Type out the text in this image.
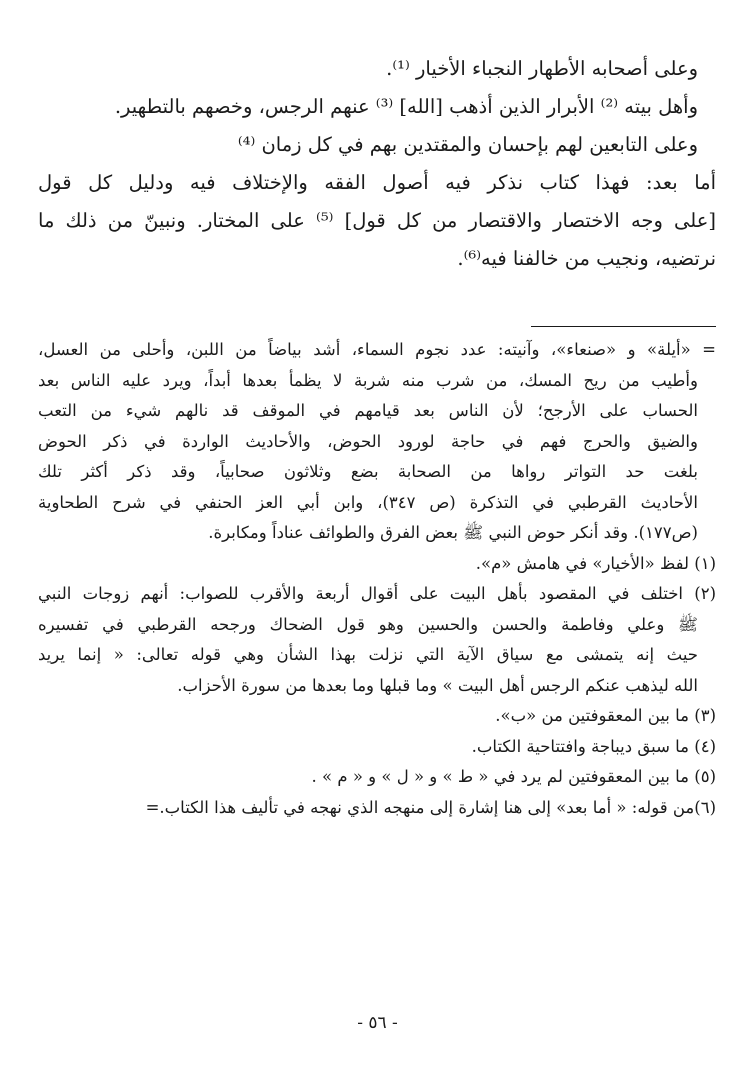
وعلى أصحابه الأطهار النجباء الأخيار ⁽¹⁾.

وأهل بيته ⁽²⁾ الأبرار الذين أذهب [الله] ⁽³⁾ عنهم الرجس، وخصهم بالتطهير.

وعلى التابعين لهم بإحسان والمقتدين بهم في كل زمان ⁽⁴⁾

أما بعد: فهذا كتاب نذكر فيه أصول الفقه والإختلاف فيه ودليل كل قول

[على وجه الاختصار والاقتصار من كل قول] ⁽⁵⁾ على المختار. ونبينّ من ذلك ما

نرتضيه، ونجيب من خالفنا فيه⁽⁶⁾.

= «أيلة» و «صنعاء»، وآنيته: عدد نجوم السماء، أشد بياضاً من اللبن، وأحلى من العسل،

وأطيب من ريح المسك، من شرب منه شربة لا يظمأ بعدها أبداً، ويرد عليه الناس بعد

الحساب على الأرجح؛ لأن الناس بعد قيامهم في الموقف قد نالهم شيء من التعب

والضيق والحرج فهم في حاجة لورود الحوض، والأحاديث الواردة في ذكر الحوض

بلغت حد التواتر رواها من الصحابة بضع وثلاثون صحابياً، وقد ذكر أكثر تلك

الأحاديث القرطبي في التذكرة (ص ٣٤٧)، وابن أبي العز الحنفي في شرح الطحاوية

(ص١٧٧). وقد أنكر حوض النبي ﷺ بعض الفرق والطوائف عناداً ومكابرة.

(١) لفظ «الأخيار» في هامش «م».

(٢) اختلف في المقصود بأهل البيت على أقوال أربعة والأقرب للصواب: أنهم زوجات النبي

ﷺ وعلي وفاطمة والحسن والحسين وهو قول الضحاك ورجحه القرطبي في تفسيره

حيث إنه يتمشى مع سياق الآية التي نزلت بهذا الشأن وهي قوله تعالى: « إنما يريد

الله ليذهب عنكم الرجس أهل البيت » وما قبلها وما بعدها من سورة الأحزاب.

(٣) ما بين المعقوفتين من «ب».

(٤) ما سبق ديباجة وافتتاحية الكتاب.

(٥) ما بين المعقوفتين لم يرد في « ط » و « ل » و « م » .

(٦)من قوله: « أما بعد» إلى هنا إشارة إلى منهجه الذي نهجه في تأليف هذا الكتاب.=

- ٥٦ -
